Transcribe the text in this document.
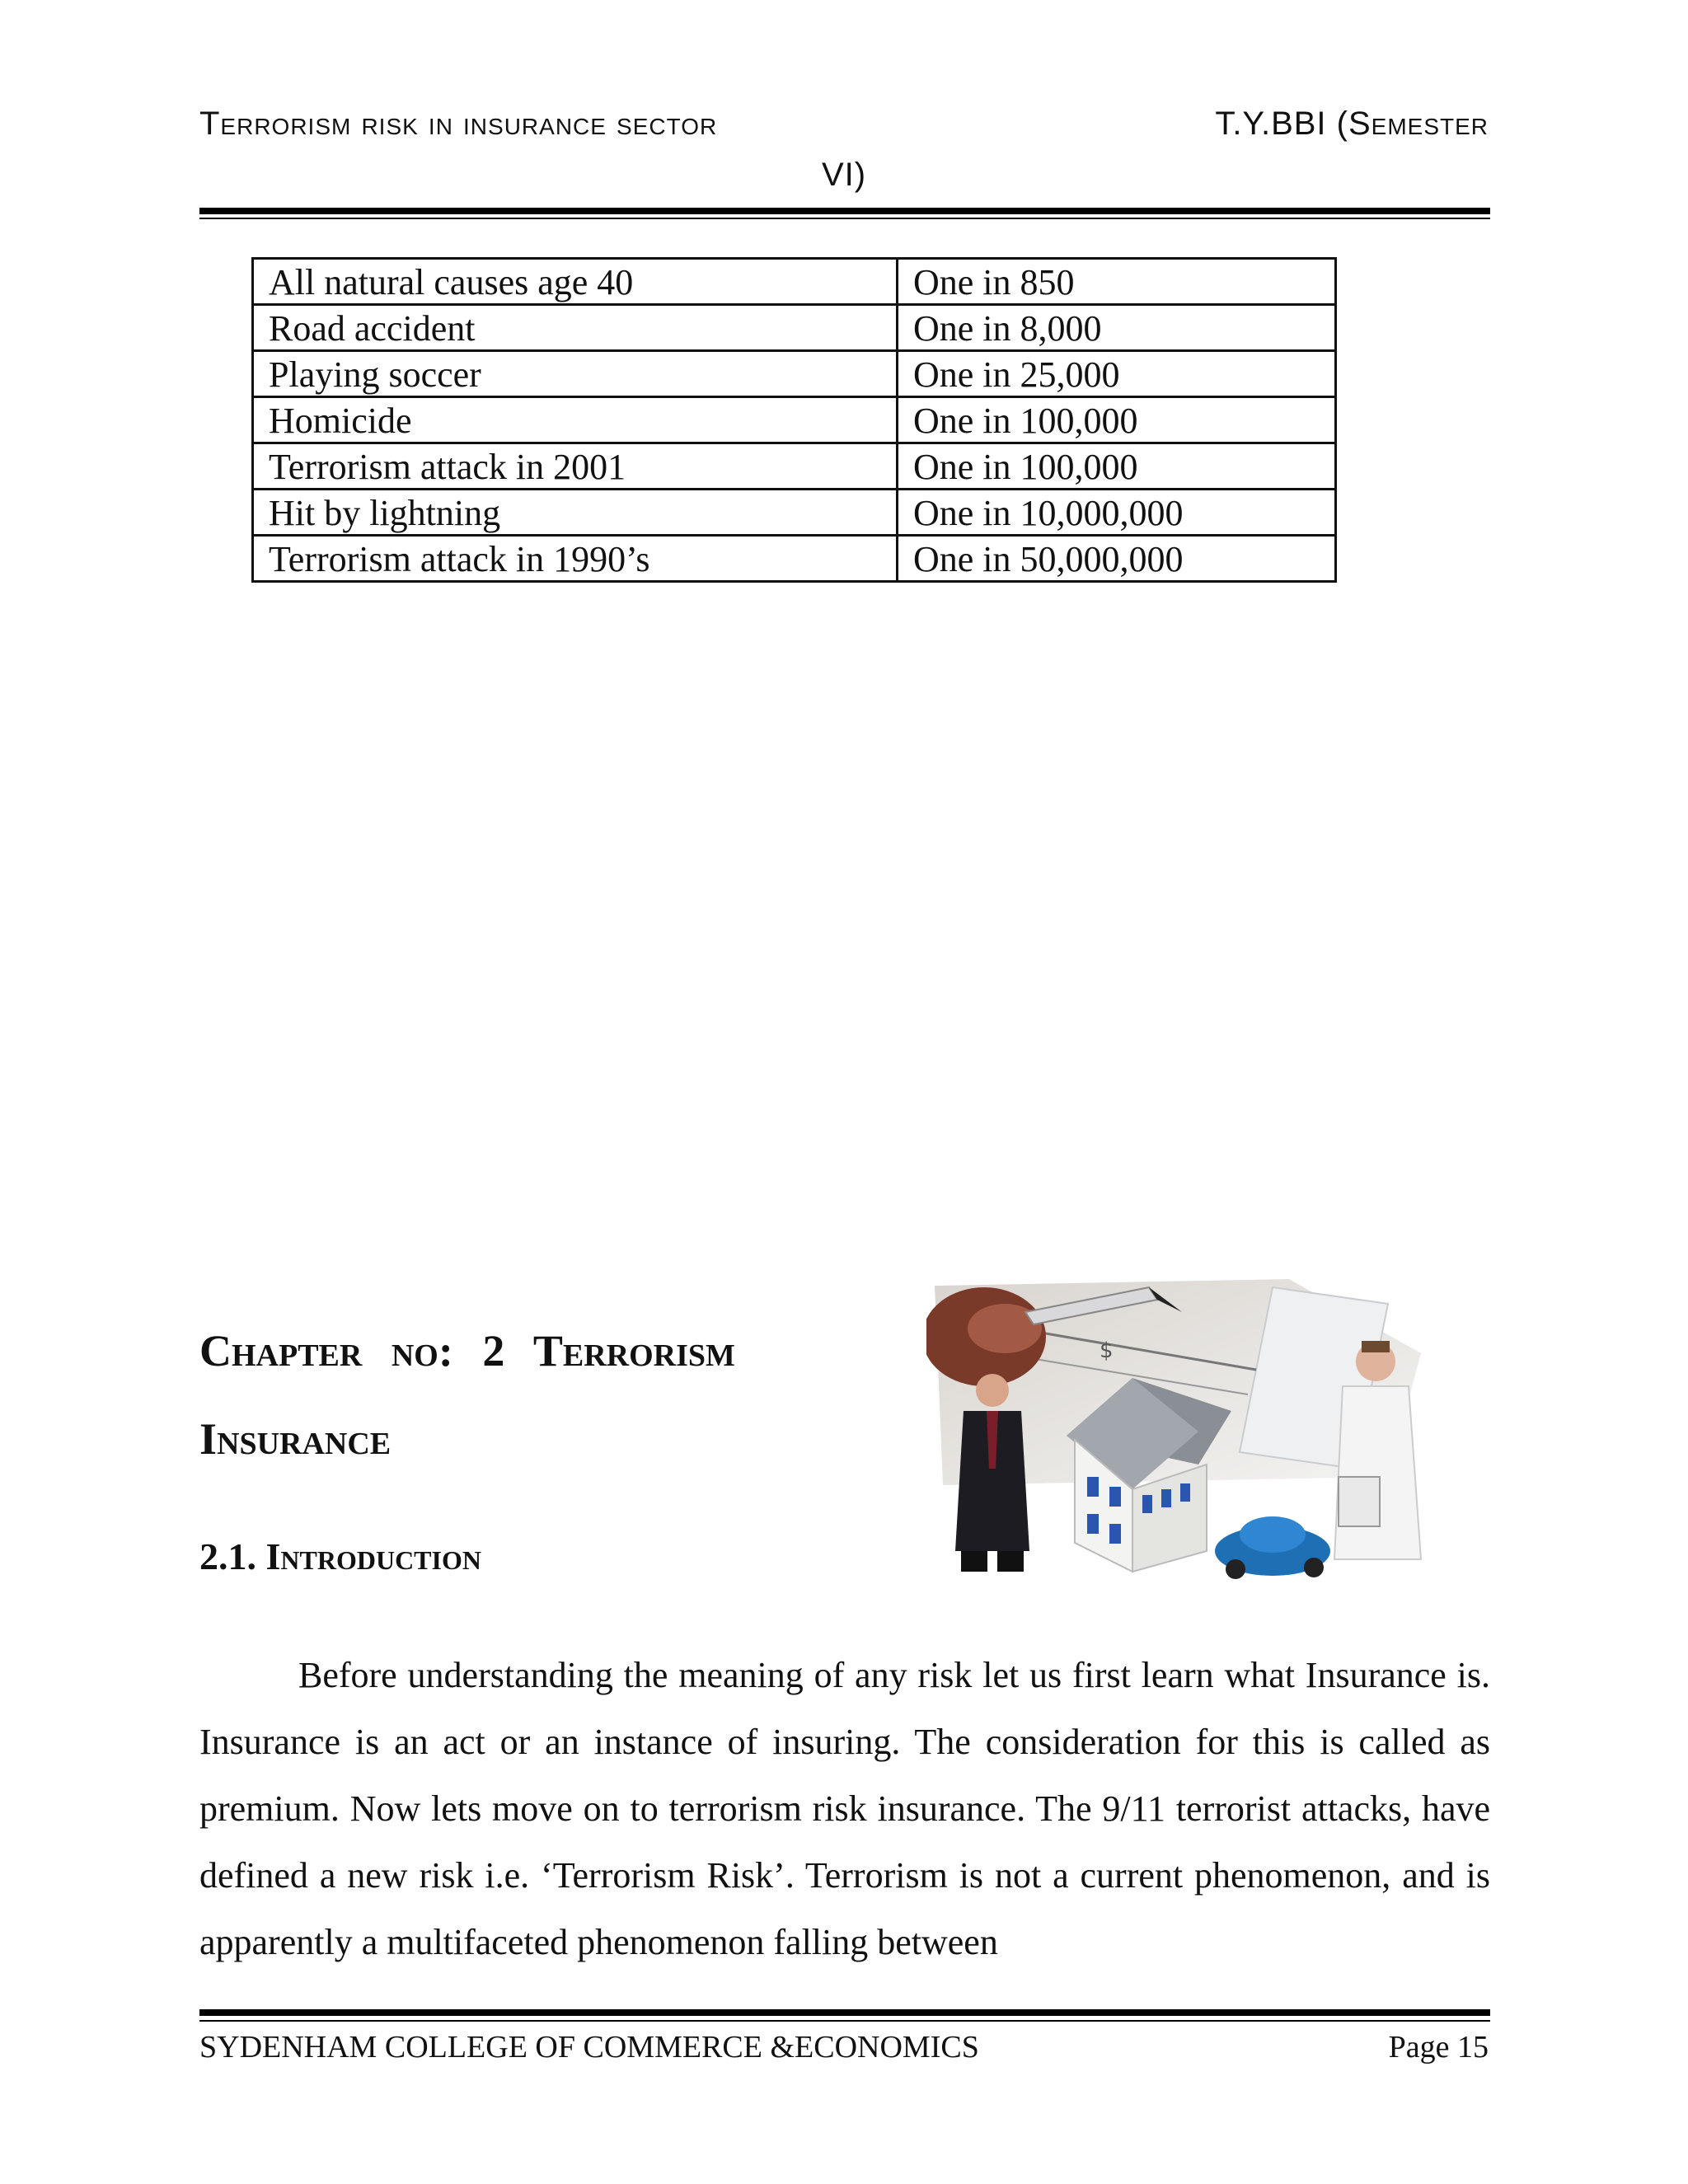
Terrorism risk in insurance sector	T.Y.BBI (Semester
VI)
All natural causes age 40	One in 850
Road accident	One in 8,000
Playing soccer	One in 25,000
Homicide	One in 100,000
Terrorism attack in 2001	One in 100,000
Hit by lightning	One in 10,000,000
Terrorism attack in 1990’s	One in 50,000,000
Chapter no: 2 Terrorism
Insurance
2.1. Introduction
$
Before understanding the meaning of any risk let us first learn what Insurance is. Insurance is an act or an instance of insuring. The consideration for this is called as premium. Now lets move on to terrorism risk insurance. The 9/11 terrorist attacks, have defined a new risk i.e. ‘Terrorism Risk’. Terrorism is not a current phenomenon, and is apparently a multifaceted phenomenon falling between
SYDENHAM COLLEGE OF COMMERCE &ECONOMICS	Page 15
